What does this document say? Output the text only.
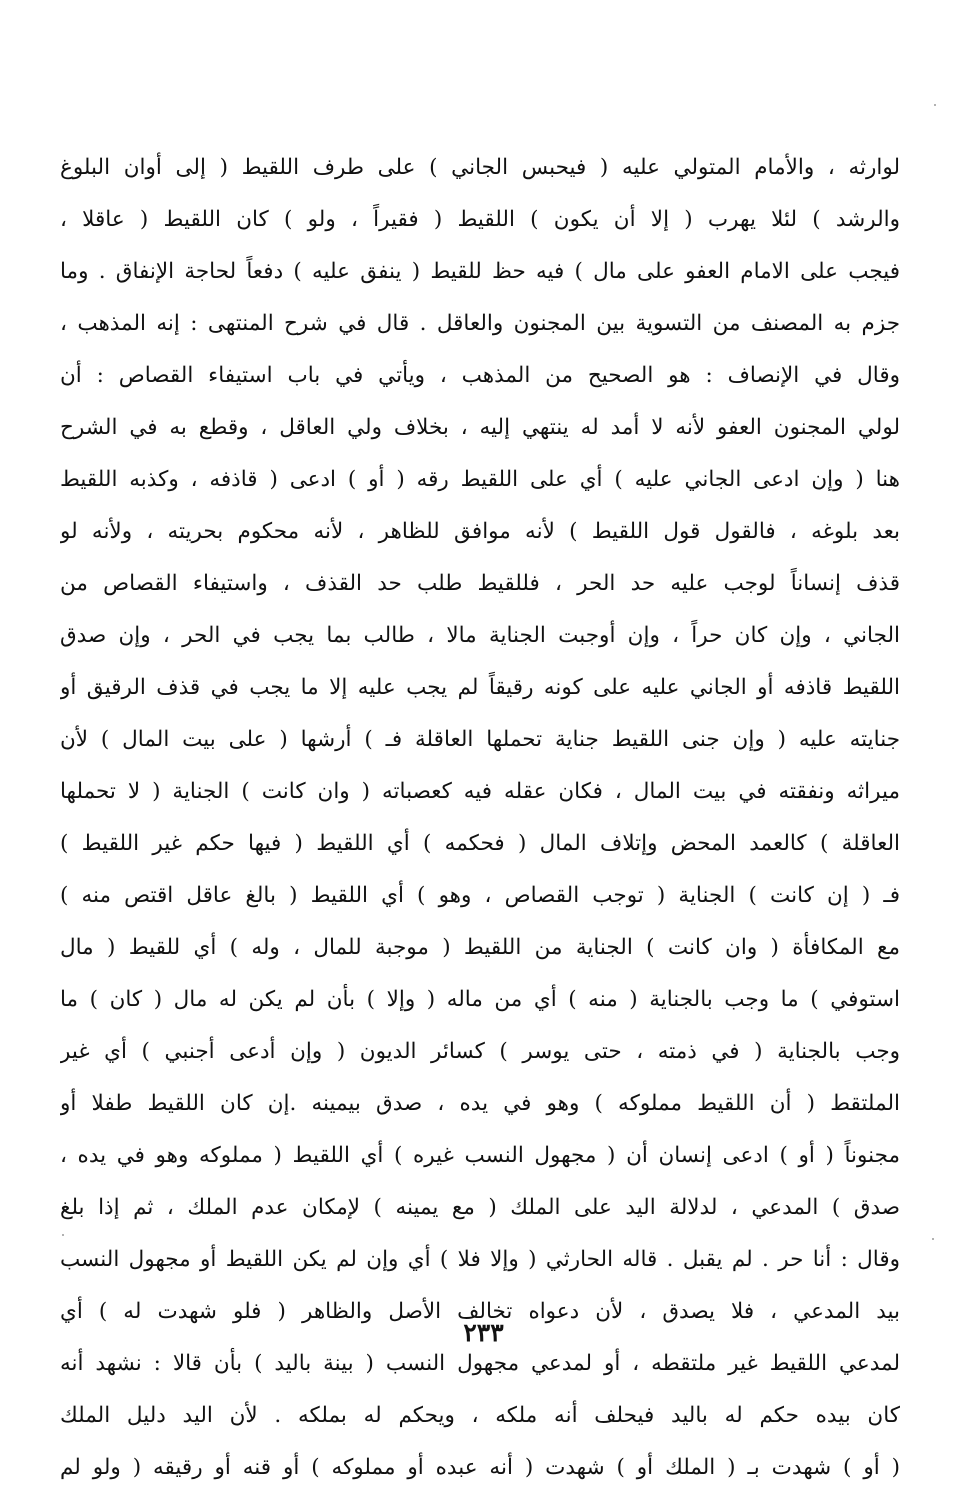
لوارثه ، والأمام المتولي عليه ( فيحبس الجاني ) على طرف اللقيط ( إلى أوان البلوغ
والرشد ) لئلا يهرب ( إلا أن يكون ) اللقيط ( فقيراً ، ولو ) كان اللقيط ( عاقلا ،
فيجب على الامام العفو على مال ) فيه حظ للقيط ( ينفق عليه ) دفعاً لحاجة الإنفاق . وما
جزم به المصنف من التسوية بين المجنون والعاقل . قال في شرح المنتهى : إنه المذهب ،
وقال في الإنصاف : هو الصحيح من المذهب ، ويأتي في باب استيفاء القصاص : أن
لولي المجنون العفو لأنه لا أمد له ينتهي إليه ، بخلاف ولي العاقل ، وقطع به في الشرح
هنا ( وإن ادعى الجاني عليه ) أي على اللقيط رقه ( أو ) ادعى ( قاذفه ، وكذبه اللقيط
بعد بلوغه ، فالقول قول اللقيط ) لأنه موافق للظاهر ، لأنه محكوم بحريته ، ولأنه لو
قذف إنساناً لوجب عليه حد الحر ، فللقيط طلب حد القذف ، واستيفاء القصاص من
الجاني ، وإن كان حراً ، وإن أوجبت الجناية مالا ، طالب بما يجب في الحر ، وإن صدق
اللقيط قاذفه أو الجاني عليه على كونه رقيقاً لم يجب عليه إلا ما يجب في قذف الرقيق أو
جنايته عليه ( وإن جنى اللقيط جناية تحملها العاقلة فـ ) أرشها ( على بيت المال ) لأن
ميراثه ونفقته في بيت المال ، فكان عقله فيه كعصباته ( وان كانت ) الجناية ( لا تحملها
العاقلة ) كالعمد المحض وإتلاف المال ( فحكمه ) أي اللقيط ( فيها حكم غير اللقيط )
فـ ( إن كانت ) الجناية ( توجب القصاص ، وهو ) أي اللقيط ( بالغ عاقل اقتص منه )
مع المكافأة ( وان كانت ) الجناية من اللقيط ( موجبة للمال ، وله ) أي للقيط ( مال
استوفي ) ما وجب بالجناية ( منه ) أي من ماله ( وإلا ) بأن لم يكن له مال ( كان ) ما
وجب بالجناية ( في ذمته ، حتى يوسر ) كسائر الديون ( وإن أدعى أجنبي ) أي غير
الملتقط ( أن اللقيط مملوكه ) وهو في يده ، صدق بيمينه .إن كان اللقيط طفلا أو
مجنوناً ( أو ) ادعى إنسان أن ( مجهول النسب غيره ) أي اللقيط ( مملوكه وهو في يده ،
صدق ) المدعي ، لدلالة اليد على الملك ( مع يمينه ) لإمكان عدم الملك ، ثم إذا بلغ
وقال : أنا حر . لم يقبل . قاله الحارثي ( وإلا فلا ) أي وإن لم يكن اللقيط أو مجهول النسب
بيد المدعي ، فلا يصدق ، لأن دعواه تخالف الأصل والظاهر ( فلو شهدت له ) أي
لمدعي اللقيط غير ملتقطه ، أو لمدعي مجهول النسب ( بينة باليد ) بأن قالا : نشهد أنه
كان بيده حكم له باليد فيحلف أنه ملكه ، ويحكم له بملكه . لأن اليد دليل الملك
( أو ) شهدت بـ ( الملك أو ) شهدت ( أنه عبده أو مملوكه ) أو قنه أو رقيقه ( ولو لم
٢٣٣
